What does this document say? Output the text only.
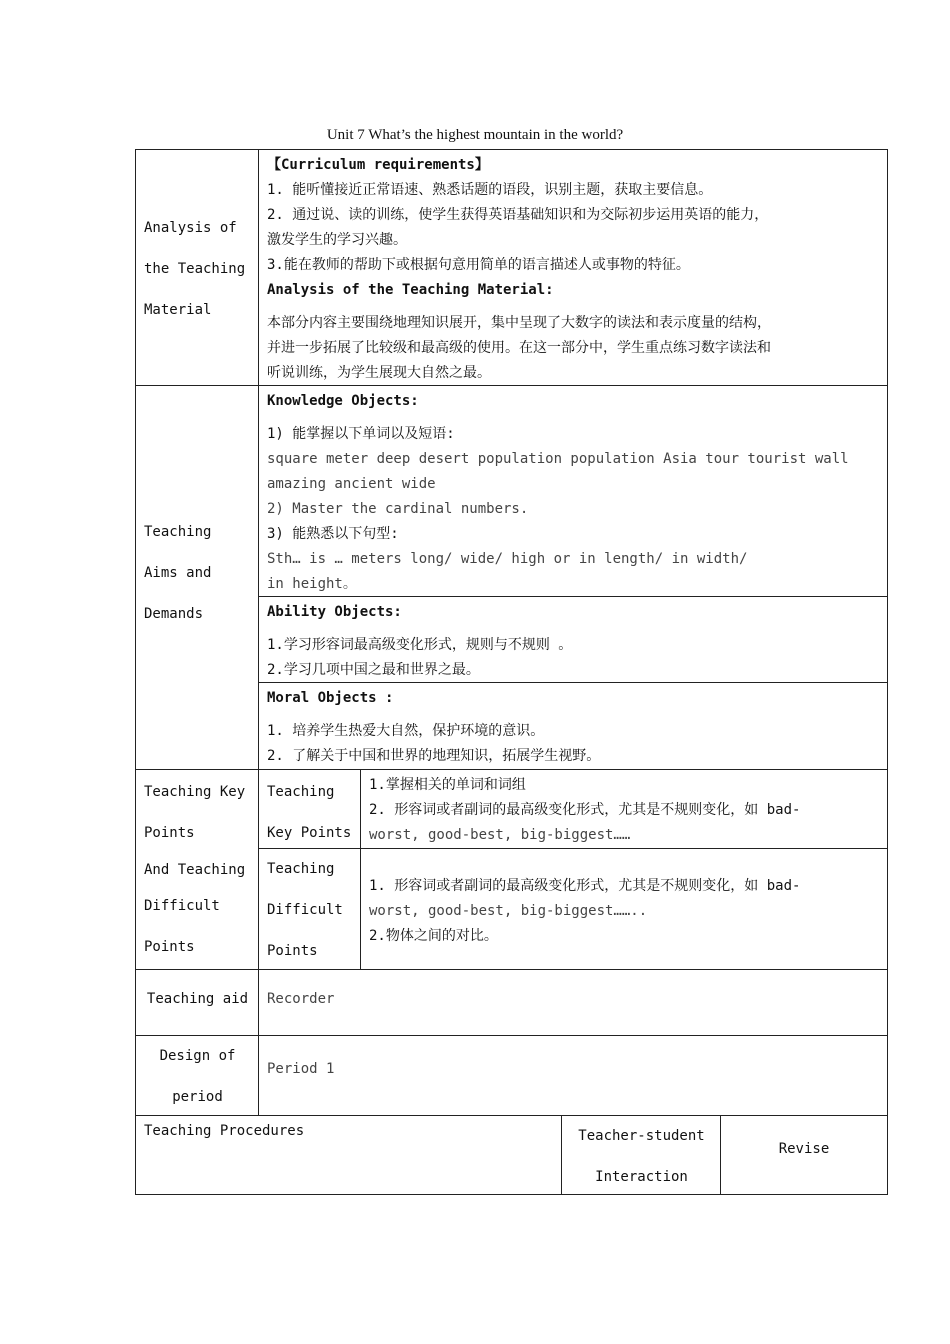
Unit 7 What’s the highest mountain in the world?
Analysis of
the Teaching
Material
【Curriculum requirements】
1. 能听懂接近正常语速、熟悉话题的语段，识别主题，获取主要信息。
2. 通过说、读的训练，使学生获得英语基础知识和为交际初步运用英语的能力，
激发学生的学习兴趣。
3.能在教师的帮助下或根据句意用简单的语言描述人或事物的特征。
Analysis of the Teaching Material:
本部分内容主要围绕地理知识展开，集中呈现了大数字的读法和表示度量的结构，
并进一步拓展了比较级和最高级的使用。在这一部分中，学生重点练习数字读法和
听说训练，为学生展现大自然之最。
Teaching
Aims and
Demands
Knowledge Objects:
1) 能掌握以下单词以及短语:
square meter deep desert population population Asia tour tourist wall
amazing ancient wide
2) Master the cardinal numbers.
3) 能熟悉以下句型:
Sth… is … meters long/ wide/ high or in length/ in width/
in height。
Ability Objects:
1.学习形容词最高级变化形式，规则与不规则 。
2.学习几项中国之最和世界之最。
Moral Objects :
1. 培养学生热爱大自然，保护环境的意识。
2. 了解关于中国和世界的地理知识，拓展学生视野。
Teaching Key
Points
And Teaching
Difficult
Points
Teaching
Key Points
1.掌握相关的单词和词组
2. 形容词或者副词的最高级变化形式，尤其是不规则变化，如 bad-
worst, good-best, big-biggest……
Teaching
Difficult
Points
1. 形容词或者副词的最高级变化形式，尤其是不规则变化，如 bad-
worst, good-best, big-biggest……..
2.物体之间的对比。
Teaching aid	Recorder
Design of
period
Period 1
Teaching Procedures	Teacher-student
Interaction
Revise
